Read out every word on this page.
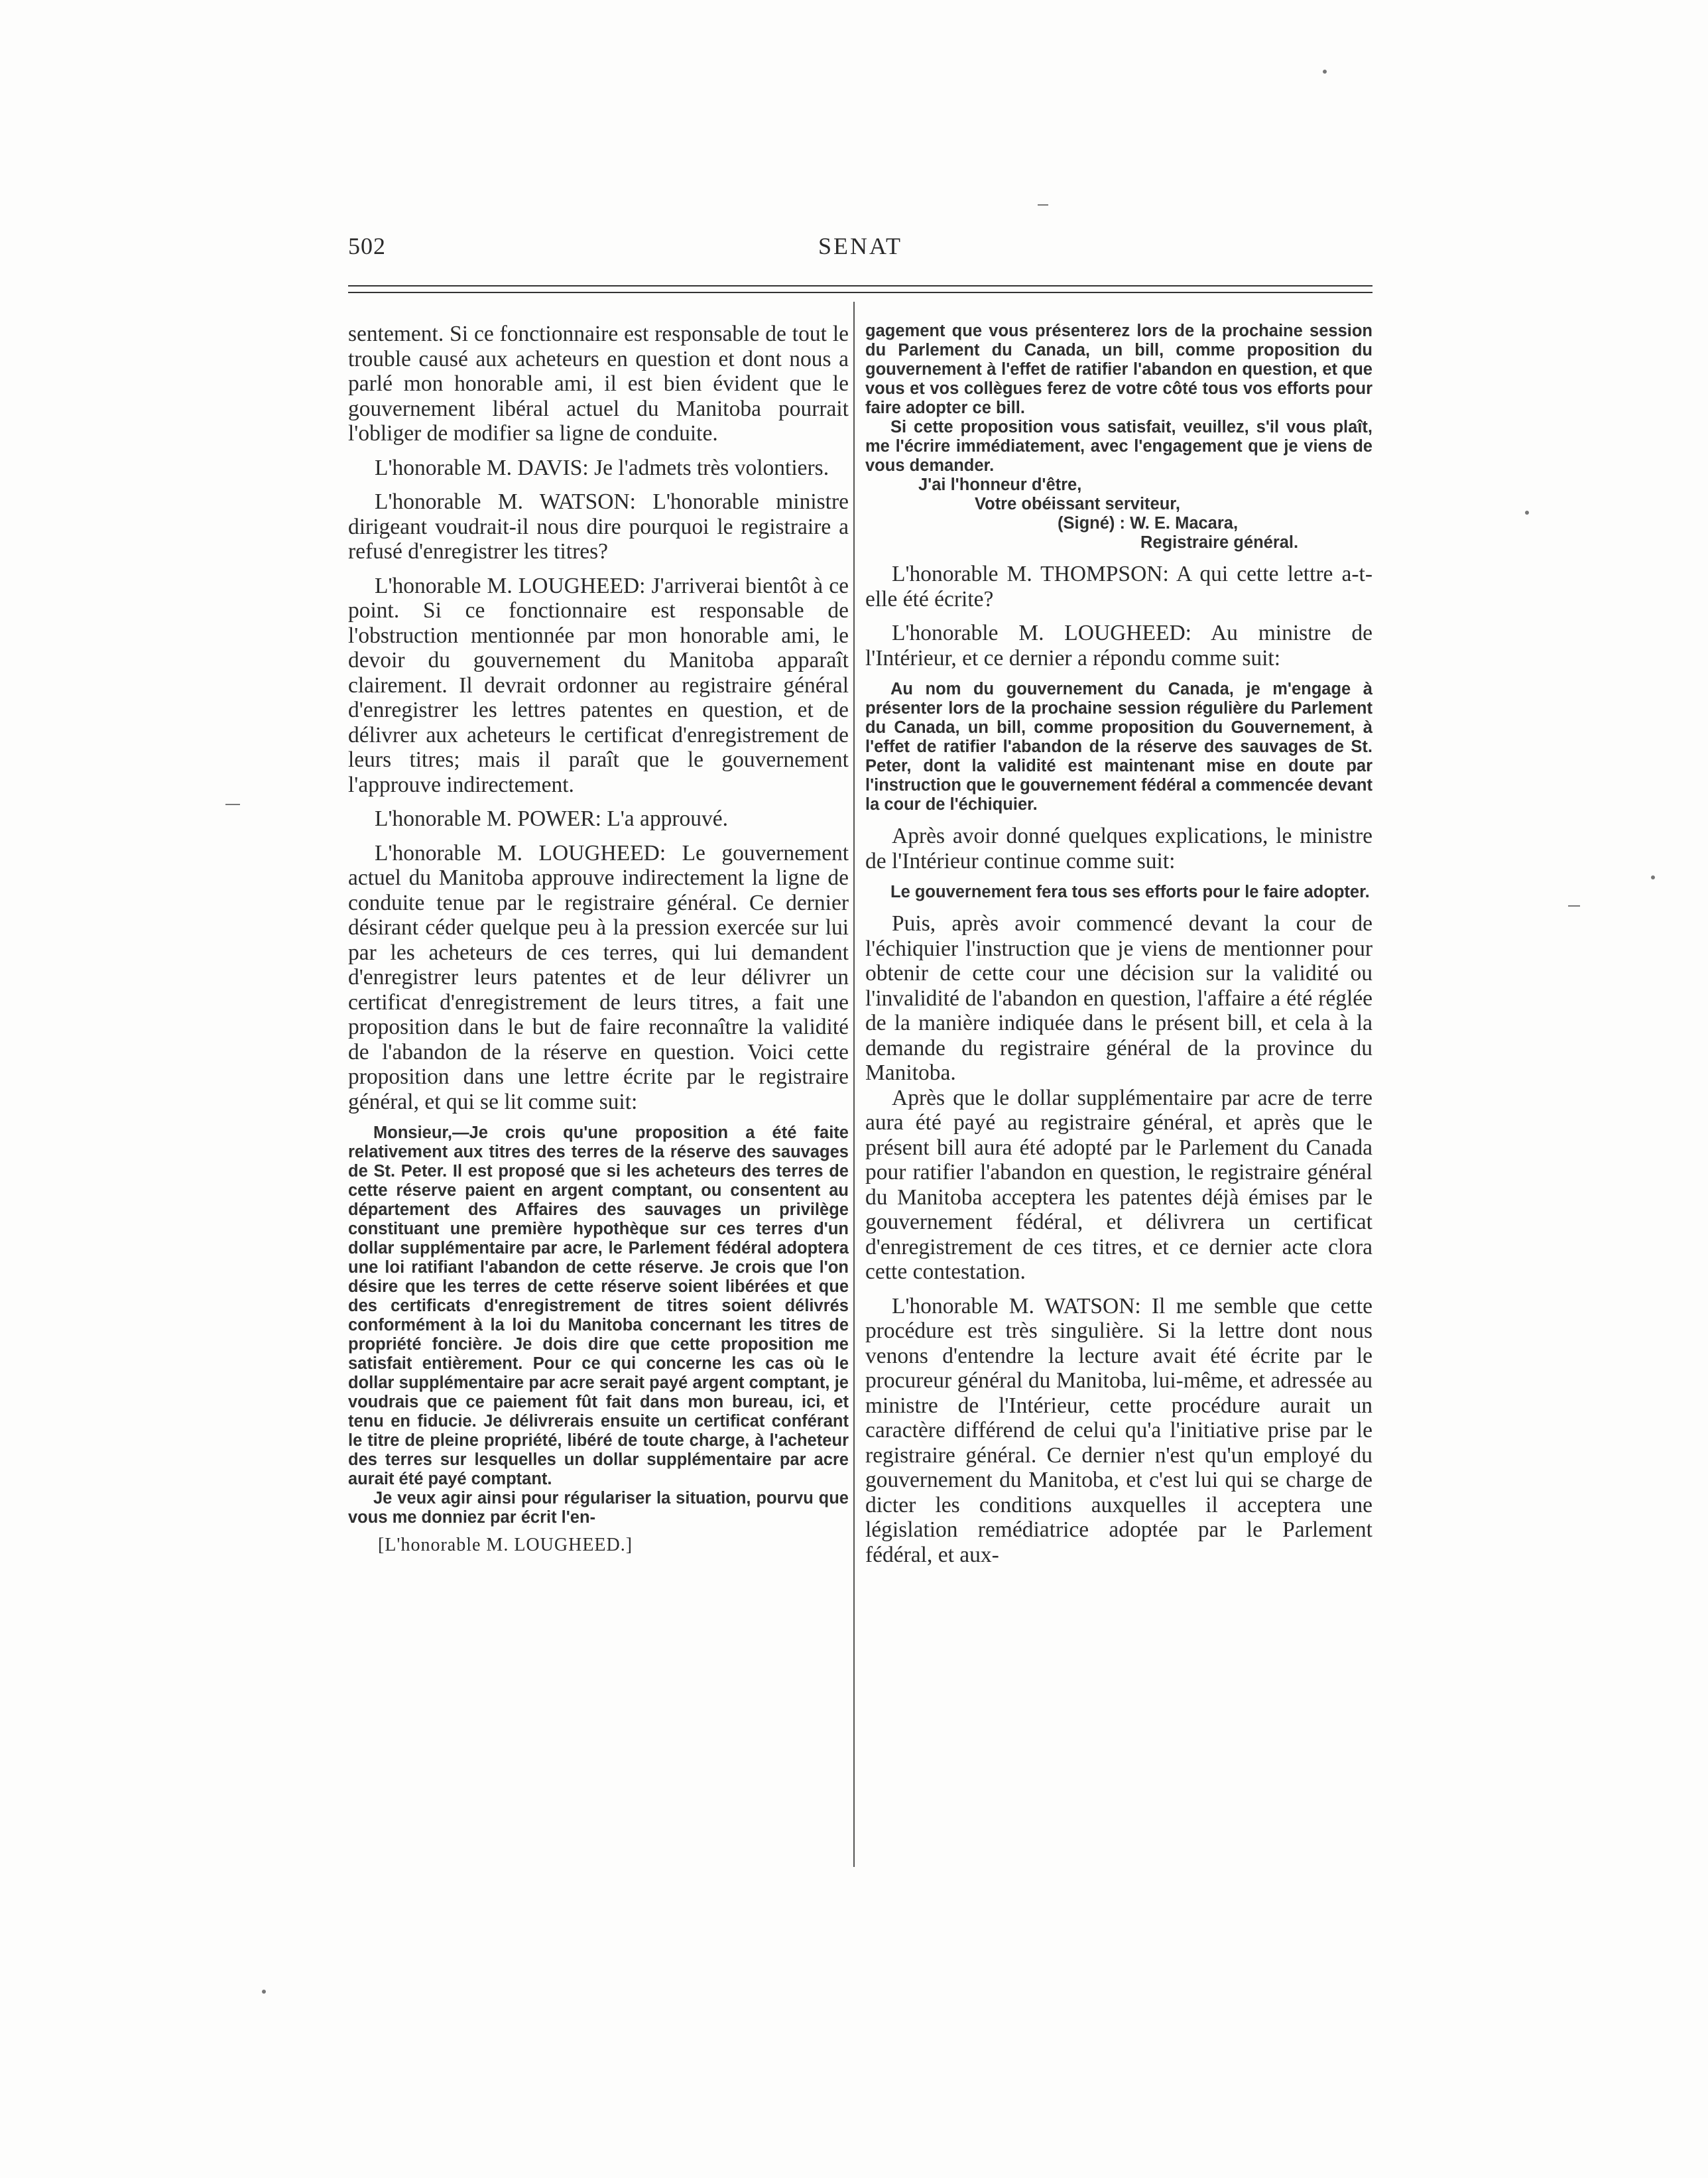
502	SENAT

sentement. Si ce fonctionnaire est responsable de tout le trouble causé aux acheteurs en question et dont nous a parlé mon honorable ami, il est bien évident que le gouvernement libéral actuel du Manitoba pourrait l'obliger de modifier sa ligne de conduite.

L'honorable M. DAVIS: Je l'admets très volontiers.

L'honorable M. WATSON: L'honorable ministre dirigeant voudrait-il nous dire pourquoi le registraire a refusé d'enregistrer les titres?

L'honorable M. LOUGHEED: J'arriverai bientôt à ce point. Si ce fonctionnaire est responsable de l'obstruction mentionnée par mon honorable ami, le devoir du gouvernement du Manitoba apparaît clairement. Il devrait ordonner au registraire général d'enregistrer les lettres patentes en question, et de délivrer aux acheteurs le certificat d'enregistrement de leurs titres; mais il paraît que le gouvernement l'approuve indirectement.

L'honorable M. POWER: L'a approuvé.

L'honorable M. LOUGHEED: Le gouvernement actuel du Manitoba approuve indirectement la ligne de conduite tenue par le registraire général. Ce dernier désirant céder quelque peu à la pression exercée sur lui par les acheteurs de ces terres, qui lui demandent d'enregistrer leurs patentes et de leur délivrer un certificat d'enregistrement de leurs titres, a fait une proposition dans le but de faire reconnaître la validité de l'abandon de la réserve en question. Voici cette proposition dans une lettre écrite par le registraire général, et qui se lit comme suit:

Monsieur,—Je crois qu'une proposition a été faite relativement aux titres des terres de la réserve des sauvages de St. Peter. Il est proposé que si les acheteurs des terres de cette réserve paient en argent comptant, ou consentent au département des Affaires des sauvages un privilège constituant une première hypothèque sur ces terres d'un dollar supplémentaire par acre, le Parlement fédéral adoptera une loi ratifiant l'abandon de cette réserve. Je crois que l'on désire que les terres de cette réserve soient libérées et que des certificats d'enregistrement de titres soient délivrés conformément à la loi du Manitoba concernant les titres de propriété foncière. Je dois dire que cette proposition me satisfait entièrement. Pour ce qui concerne les cas où le dollar supplémentaire par acre serait payé argent comptant, je voudrais que ce paiement fût fait dans mon bureau, ici, et tenu en fiducie. Je délivrerais ensuite un certificat conférant le titre de pleine propriété, libéré de toute charge, à l'acheteur des terres sur lesquelles un dollar supplémentaire par acre aurait été payé comptant.

Je veux agir ainsi pour régulariser la situation, pourvu que vous me donniez par écrit l'en-

[L'honorable M. LOUGHEED.]

gagement que vous présenterez lors de la prochaine session du Parlement du Canada, un bill, comme proposition du gouvernement à l'effet de ratifier l'abandon en question, et que vous et vos collègues ferez de votre côté tous vos efforts pour faire adopter ce bill.

Si cette proposition vous satisfait, veuillez, s'il vous plaît, me l'écrire immédiatement, avec l'engagement que je viens de vous demander.

J'ai l'honneur d'être,

Votre obéissant serviteur,

(Signé) : W. E. Macara,

Registraire général.

L'honorable M. THOMPSON: A qui cette lettre a-t-elle été écrite?

L'honorable M. LOUGHEED: Au ministre de l'Intérieur, et ce dernier a répondu comme suit:

Au nom du gouvernement du Canada, je m'engage à présenter lors de la prochaine session régulière du Parlement du Canada, un bill, comme proposition du Gouvernement, à l'effet de ratifier l'abandon de la réserve des sauvages de St. Peter, dont la validité est maintenant mise en doute par l'instruction que le gouvernement fédéral a commencée devant la cour de l'échiquier.

Après avoir donné quelques explications, le ministre de l'Intérieur continue comme suit:

Le gouvernement fera tous ses efforts pour le faire adopter.

Puis, après avoir commencé devant la cour de l'échiquier l'instruction que je viens de mentionner pour obtenir de cette cour une décision sur la validité ou l'invalidité de l'abandon en question, l'affaire a été réglée de la manière indiquée dans le présent bill, et cela à la demande du registraire général de la province du Manitoba.

Après que le dollar supplémentaire par acre de terre aura été payé au registraire général, et après que le présent bill aura été adopté par le Parlement du Canada pour ratifier l'abandon en question, le registraire général du Manitoba acceptera les patentes déjà émises par le gouvernement fédéral, et délivrera un certificat d'enregistrement de ces titres, et ce dernier acte clora cette contestation.

L'honorable M. WATSON: Il me semble que cette procédure est très singulière. Si la lettre dont nous venons d'entendre la lecture avait été écrite par le procureur général du Manitoba, lui-même, et adressée au ministre de l'Intérieur, cette procédure aurait un caractère différend de celui qu'a l'initiative prise par le registraire général. Ce dernier n'est qu'un employé du gouvernement du Manitoba, et c'est lui qui se charge de dicter les conditions auxquelles il acceptera une législation remédiatrice adoptée par le Parlement fédéral, et aux-
